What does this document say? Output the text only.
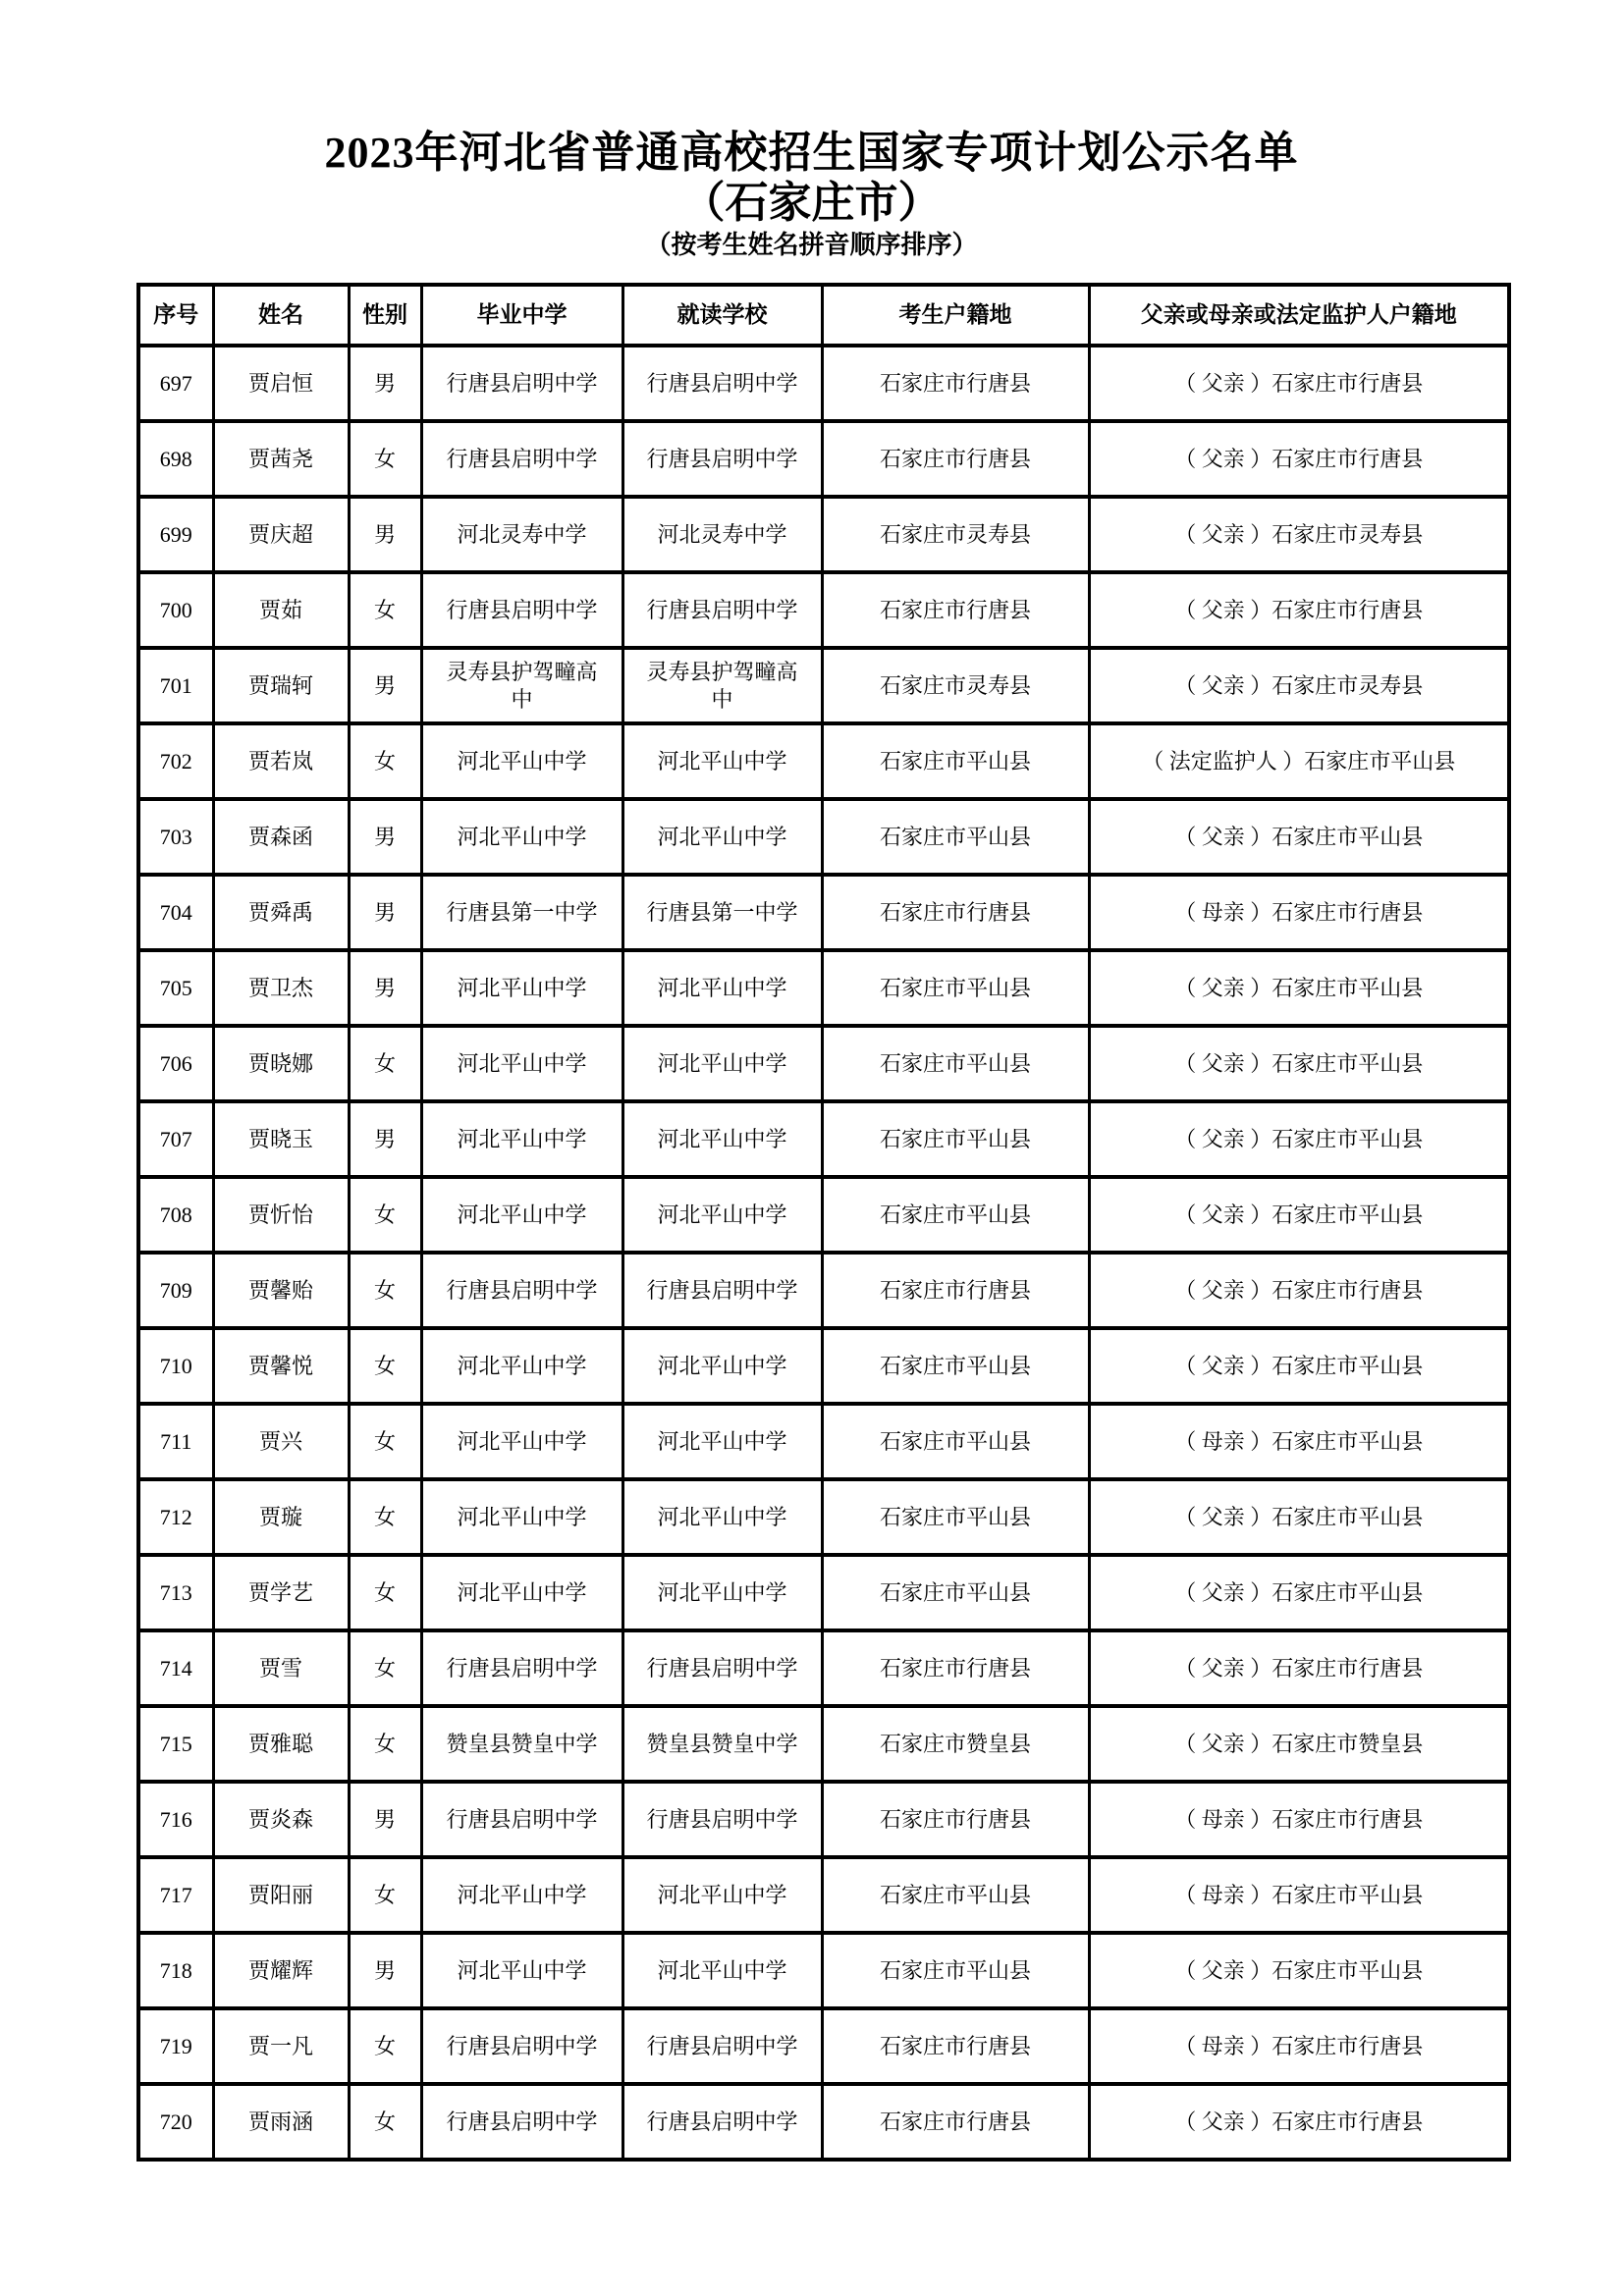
2023年河北省普通高校招生国家专项计划公示名单
（石家庄市）
（按考生姓名拼音顺序排序）
序号	姓名	性别	毕业中学	就读学校	考生户籍地	父亲或母亲或法定监护人户籍地
697	贾启恒	男	行唐县启明中学	行唐县启明中学	石家庄市行唐县	（ 父亲 ）石家庄市行唐县
698	贾茜尧	女	行唐县启明中学	行唐县启明中学	石家庄市行唐县	（ 父亲 ）石家庄市行唐县
699	贾庆超	男	河北灵寿中学	河北灵寿中学	石家庄市灵寿县	（ 父亲 ）石家庄市灵寿县
700	贾茹	女	行唐县启明中学	行唐县启明中学	石家庄市行唐县	（ 父亲 ）石家庄市行唐县
701	贾瑞轲	男	灵寿县护驾疃高中	灵寿县护驾疃高中	石家庄市灵寿县	（ 父亲 ）石家庄市灵寿县
702	贾若岚	女	河北平山中学	河北平山中学	石家庄市平山县	（ 法定监护人 ）石家庄市平山县
703	贾森函	男	河北平山中学	河北平山中学	石家庄市平山县	（ 父亲 ）石家庄市平山县
704	贾舜禹	男	行唐县第一中学	行唐县第一中学	石家庄市行唐县	（ 母亲 ）石家庄市行唐县
705	贾卫杰	男	河北平山中学	河北平山中学	石家庄市平山县	（ 父亲 ）石家庄市平山县
706	贾晓娜	女	河北平山中学	河北平山中学	石家庄市平山县	（ 父亲 ）石家庄市平山县
707	贾晓玉	男	河北平山中学	河北平山中学	石家庄市平山县	（ 父亲 ）石家庄市平山县
708	贾忻怡	女	河北平山中学	河北平山中学	石家庄市平山县	（ 父亲 ）石家庄市平山县
709	贾馨贻	女	行唐县启明中学	行唐县启明中学	石家庄市行唐县	（ 父亲 ）石家庄市行唐县
710	贾馨悦	女	河北平山中学	河北平山中学	石家庄市平山县	（ 父亲 ）石家庄市平山县
711	贾兴	女	河北平山中学	河北平山中学	石家庄市平山县	（ 母亲 ）石家庄市平山县
712	贾璇	女	河北平山中学	河北平山中学	石家庄市平山县	（ 父亲 ）石家庄市平山县
713	贾学艺	女	河北平山中学	河北平山中学	石家庄市平山县	（ 父亲 ）石家庄市平山县
714	贾雪	女	行唐县启明中学	行唐县启明中学	石家庄市行唐县	（ 父亲 ）石家庄市行唐县
715	贾雅聪	女	赞皇县赞皇中学	赞皇县赞皇中学	石家庄市赞皇县	（ 父亲 ）石家庄市赞皇县
716	贾炎森	男	行唐县启明中学	行唐县启明中学	石家庄市行唐县	（ 母亲 ）石家庄市行唐县
717	贾阳丽	女	河北平山中学	河北平山中学	石家庄市平山县	（ 母亲 ）石家庄市平山县
718	贾耀辉	男	河北平山中学	河北平山中学	石家庄市平山县	（ 父亲 ）石家庄市平山县
719	贾一凡	女	行唐县启明中学	行唐县启明中学	石家庄市行唐县	（ 母亲 ）石家庄市行唐县
720	贾雨涵	女	行唐县启明中学	行唐县启明中学	石家庄市行唐县	（ 父亲 ）石家庄市行唐县
